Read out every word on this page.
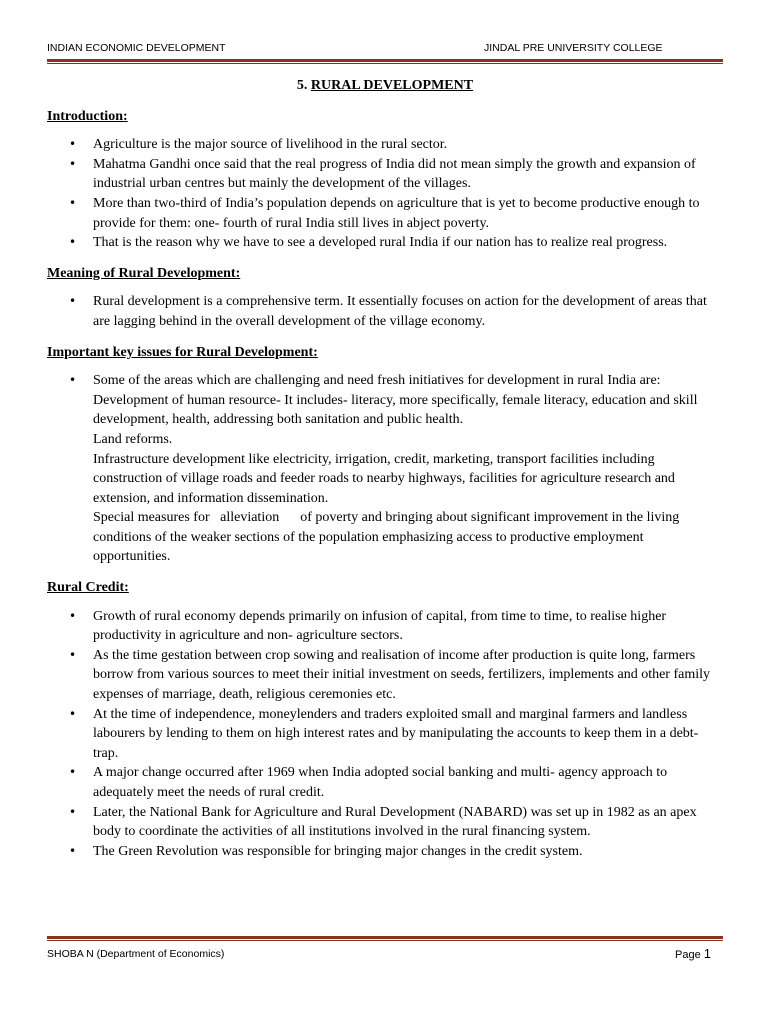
INDIAN ECONOMIC DEVELOPMENT	JINDAL PRE UNIVERSITY COLLEGE
5. RURAL DEVELOPMENT
Introduction:
• Agriculture is the major source of livelihood in the rural sector.
• Mahatma Gandhi once said that the real progress of India did not mean simply the growth and expansion of industrial urban centres but mainly the development of the villages.
• More than two-third of India’s population depends on agriculture that is yet to become productive enough to provide for them: one- fourth of rural India still lives in abject poverty.
• That is the reason why we have to see a developed rural India if our nation has to realize real progress.
Meaning of Rural Development:
• Rural development is a comprehensive term. It essentially focuses on action for the development of areas that are lagging behind in the overall development of the village economy.
Important key issues for Rural Development:
• Some of the areas which are challenging and need fresh initiatives for development in rural India are:
Development of human resource- It includes- literacy, more specifically, female literacy, education and skill development, health, addressing both sanitation and public health.
Land reforms.
Infrastructure development like electricity, irrigation, credit, marketing, transport facilities including construction of village roads and feeder roads to nearby highways, facilities for agriculture research and extension, and information dissemination.
Special measures for   alleviation      of poverty and bringing about significant improvement in the living conditions of the weaker sections of the population emphasizing access to productive employment opportunities.
Rural Credit:
• Growth of rural economy depends primarily on infusion of capital, from time to time, to realise higher productivity in agriculture and non- agriculture sectors.
• As the time gestation between crop sowing and realisation of income after production is quite long, farmers borrow from various sources to meet their initial investment on seeds, fertilizers, implements and other family expenses of marriage, death, religious ceremonies etc.
• At the time of independence, moneylenders and traders exploited small and marginal farmers and landless labourers by lending to them on high interest rates and by manipulating the accounts to keep them in a debt-trap.
• A major change occurred after 1969 when India adopted social banking and multi- agency approach to adequately meet the needs of rural credit.
• Later, the National Bank for Agriculture and Rural Development (NABARD) was set up in 1982 as an apex body to coordinate the activities of all institutions involved in the rural financing system.
• The Green Revolution was responsible for bringing major changes in the credit system.
SHOBA N (Department of Economics)	Page 1
